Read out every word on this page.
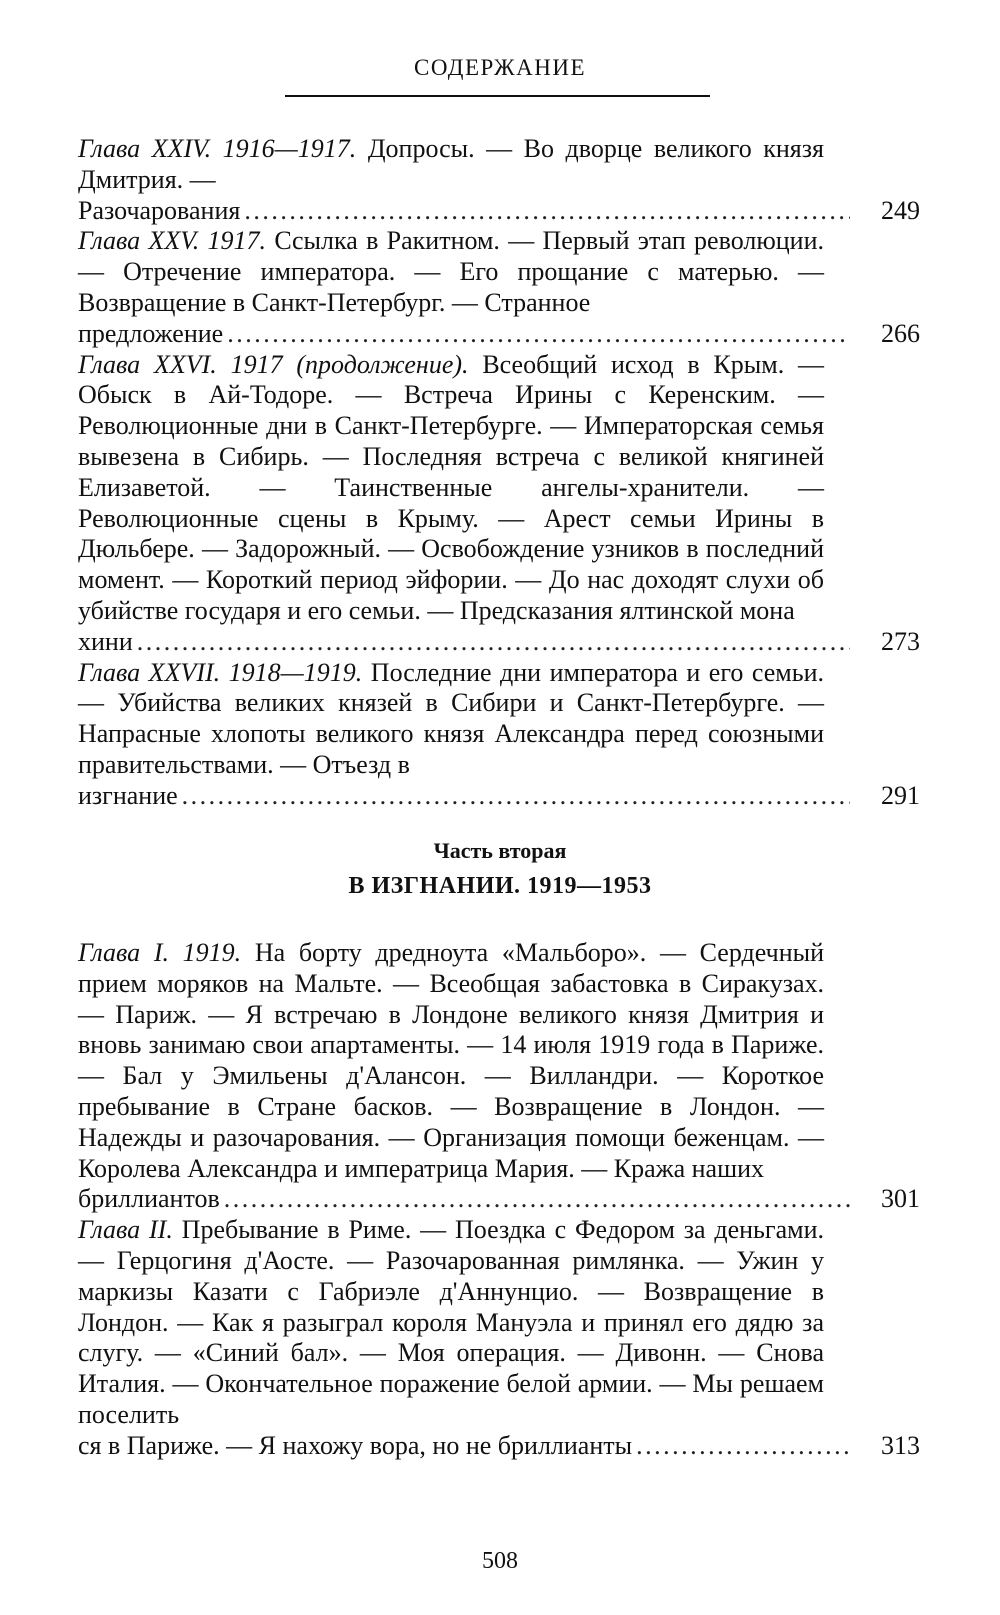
СОДЕРЖАНИЕ
Глава XXIV. 1916—1917. Допросы. — Во дворце великого князя Дмитрия. —
Разочарования . . .	249
Глава XXV. 1917. Ссылка в Ракитном. — Первый этап революции. — Отречение императора. — Его прощание с матерью. — Возвращение в Санкт-Петербург. — Странное
предложение . . .	266
Глава XXVI. 1917 (продолжение). Всеобщий исход в Крым. — Обыск в Ай-Тодоре. — Встреча Ирины с Керенским. — Революционные дни в Санкт-Петербурге. — Императорская семья вывезена в Сибирь. — Последняя встреча с великой княгиней Елизаветой. — Таинственные ангелы-хранители. — Революционные сцены в Крыму. — Арест семьи Ирины в Дюльбере. — Задорожный. — Освобождение узников в последний момент. — Короткий период эйфории. — До нас доходят слухи об убийстве государя и его семьи. — Предсказания ялтинской мона
хини . . .	273
Глава XXVII. 1918—1919. Последние дни императора и его семьи. — Убийства великих князей в Сибири и Санкт-Петербурге. — Напрасные хлопоты великого князя Александра перед союзными правительствами. — Отъезд в
изгнание . . .	291
Часть вторая
В ИЗГНАНИИ. 1919—1953
Глава I. 1919. На борту дредноута «Мальборо». — Сердечный прием моряков на Мальте. — Всеобщая забастовка в Сиракузах. — Париж. — Я встречаю в Лондоне великого князя Дмитрия и вновь занимаю свои апартаменты. — 14 июля 1919 года в Париже. — Бал у Эмильены д'Алансон. — Вилландри. — Короткое пребывание в Стране басков. — Возвращение в Лондон. — Надежды и разочарования. — Организация помощи беженцам. — Королева Александра и императрица Мария. — Кража наших
бриллиантов . . .	301
Глава II. Пребывание в Риме. — Поездка с Федором за деньгами. — Герцогиня д'Аосте. — Разочарованная римлянка. — Ужин у маркизы Казати с Габриэле д'Аннунцио. — Возвращение в Лондон. — Как я разыграл короля Мануэла и принял его дядю за слугу. — «Синий бал». — Моя операция. — Дивонн. — Снова Италия. — Окончательное поражение белой армии. — Мы решаем поселить
ся в Париже. — Я нахожу вора, но не бриллианты . . .	313
508
